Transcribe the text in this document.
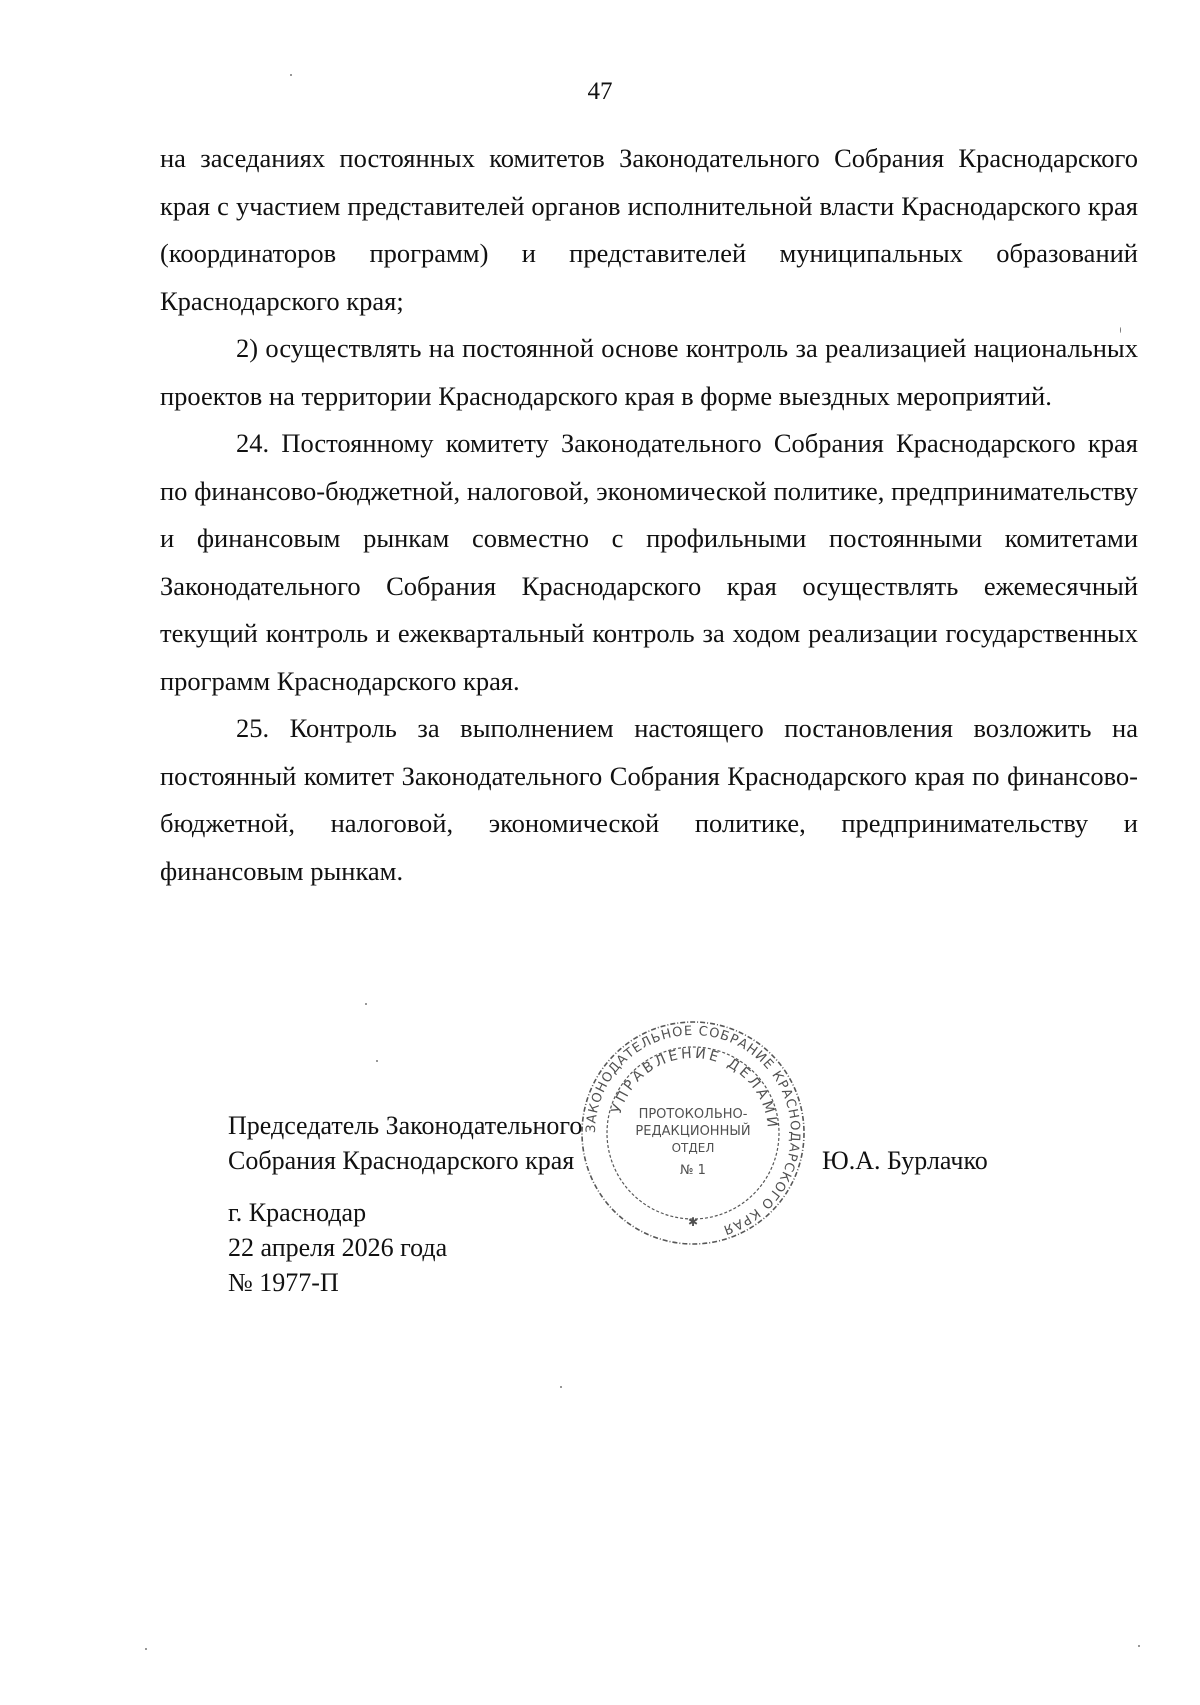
47

на заседаниях постоянных комитетов Законодательного Собрания Краснодарского края с участием представителей органов исполнительной власти Краснодарского края (координаторов программ) и представителей муниципальных образований Краснодарского края;

2) осуществлять на постоянной основе контроль за реализацией национальных проектов на территории Краснодарского края в форме выездных мероприятий.

24. Постоянному комитету Законодательного Собрания Краснодарского края по финансово-бюджетной, налоговой, экономической политике, предпринимательству и финансовым рынкам совместно с профильными постоянными комитетами Законодательного Собрания Краснодарского края осуществлять ежемесячный текущий контроль и ежеквартальный контроль за ходом реализации государственных программ Краснодарского края.

25. Контроль за выполнением настоящего постановления возложить на постоянный комитет Законодательного Собрания Краснодарского края по финансово-бюджетной, налоговой, экономической политике, предпринимательству и финансовым рынкам.

Председатель Законодательного
Собрания Краснодарского края	Ю.А. Бурлачко
г. Краснодар
22 апреля 2026 года
№ 1977-П
ЗАКОНОДАТЕЛЬНОЕ СОБРАНИЕ КРАСНОДАРСКОГО КРАЯ
УПРАВЛЕНИЕ ДЕЛАМИ
ПРОТОКОЛЬНО-
РЕДАКЦИОННЫЙ
ОТДЕЛ
№ 1
✱
